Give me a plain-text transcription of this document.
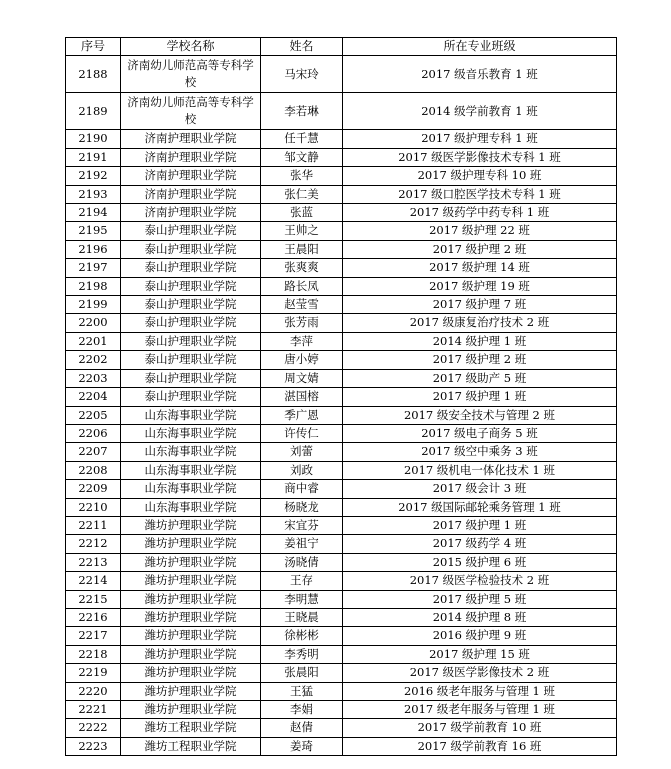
序号	学校名称	姓名	所在专业班级
2188	济南幼儿师范高等专科学校	马宋玲	2017 级音乐教育 1 班
2189	济南幼儿师范高等专科学校	李若琳	2014 级学前教育 1 班
2190	济南护理职业学院	任千慧	2017 级护理专科 1 班
2191	济南护理职业学院	邹文静	2017 级医学影像技术专科 1 班
2192	济南护理职业学院	张华	2017 级护理专科 10 班
2193	济南护理职业学院	张仁美	2017 级口腔医学技术专科 1 班
2194	济南护理职业学院	张蓝	2017 级药学中药专科 1 班
2195	泰山护理职业学院	王帅之	2017 级护理 22 班
2196	泰山护理职业学院	王晨阳	2017 级护理 2 班
2197	泰山护理职业学院	张爽爽	2017 级护理 14 班
2198	泰山护理职业学院	路长凤	2017 级护理 19 班
2199	泰山护理职业学院	赵莹雪	2017 级护理 7 班
2200	泰山护理职业学院	张芳雨	2017 级康复治疗技术 2 班
2201	泰山护理职业学院	李萍	2014 级护理 1 班
2202	泰山护理职业学院	唐小婷	2017 级护理 2 班
2203	泰山护理职业学院	周文婧	2017 级助产 5 班
2204	泰山护理职业学院	湛国榕	2017 级护理 1 班
2205	山东海事职业学院	季广恩	2017 级安全技术与管理 2 班
2206	山东海事职业学院	许传仁	2017 级电子商务 5 班
2207	山东海事职业学院	刘蕾	2017 级空中乘务 3 班
2208	山东海事职业学院	刘政	2017 级机电一体化技术 1 班
2209	山东海事职业学院	商中睿	2017 级会计 3 班
2210	山东海事职业学院	杨晓龙	2017 级国际邮轮乘务管理 1 班
2211	潍坊护理职业学院	宋宜芬	2017 级护理 1 班
2212	潍坊护理职业学院	姜祖宁	2017 级药学 4 班
2213	潍坊护理职业学院	汤晓倩	2015 级护理 6 班
2214	潍坊护理职业学院	王存	2017 级医学检验技术 2 班
2215	潍坊护理职业学院	李明慧	2017 级护理 5 班
2216	潍坊护理职业学院	王晓晨	2014 级护理 8 班
2217	潍坊护理职业学院	徐彬彬	2016 级护理 9 班
2218	潍坊护理职业学院	李秀明	2017 级护理 15 班
2219	潍坊护理职业学院	张晨阳	2017 级医学影像技术 2 班
2220	潍坊护理职业学院	王猛	2016 级老年服务与管理 1 班
2221	潍坊护理职业学院	李娟	2017 级老年服务与管理 1 班
2222	潍坊工程职业学院	赵倩	2017 级学前教育 10 班
2223	潍坊工程职业学院	姜琦	2017 级学前教育 16 班
